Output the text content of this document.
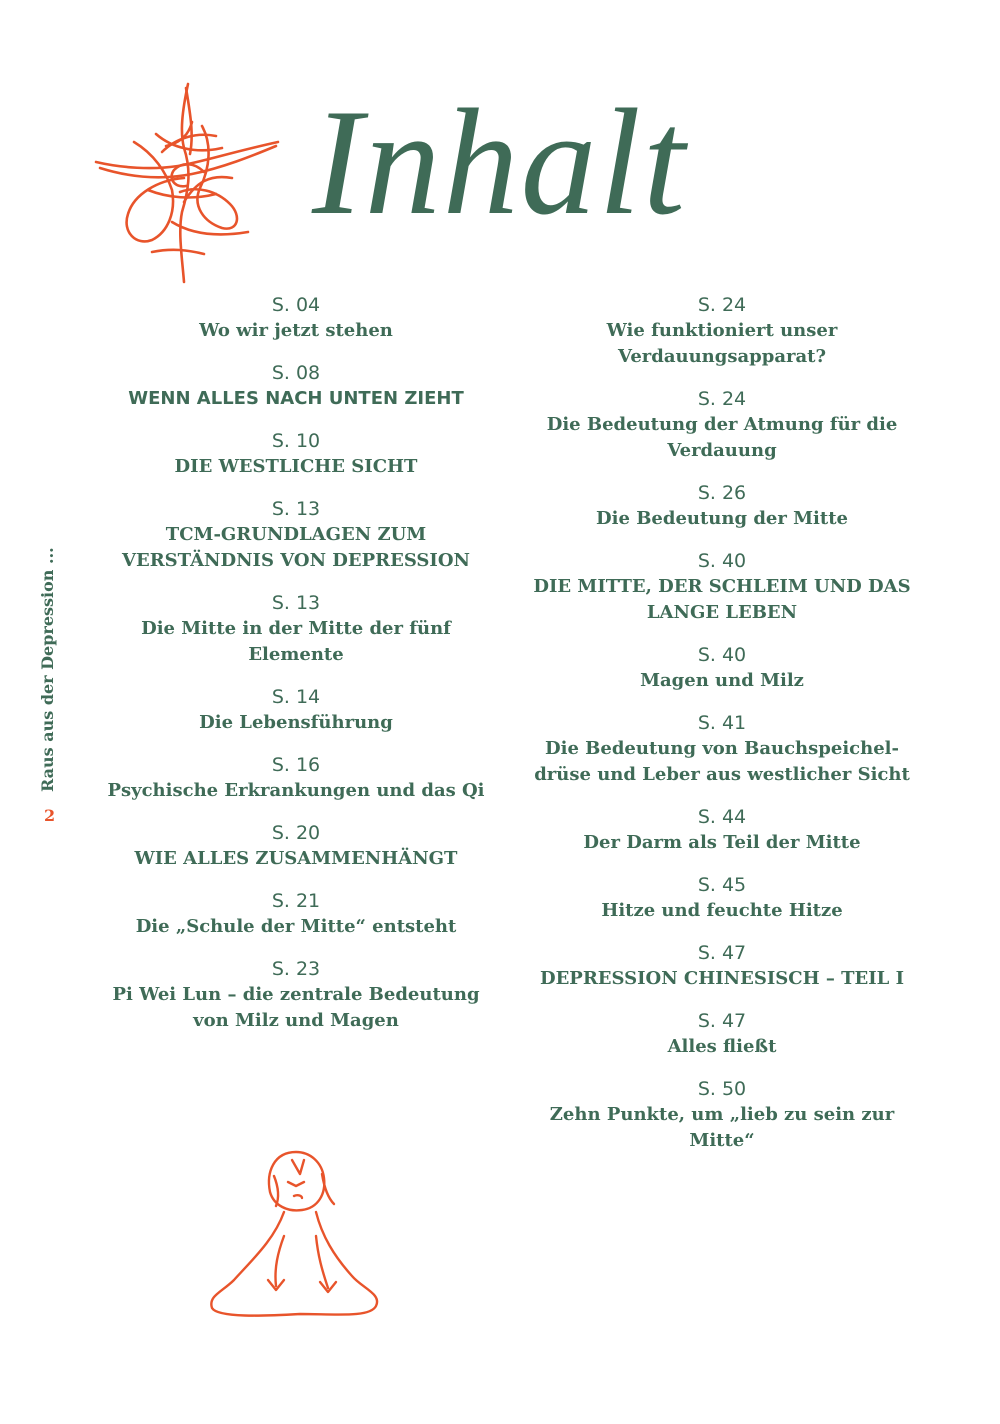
Inhalt
Raus aus der Depression ...
2
S. 04
Wo wir jetzt stehen
S. 08
WENN ALLES NACH UNTEN ZIEHT
S. 10
DIE WESTLICHE SICHT
S. 13
TCM-GRUNDLAGEN ZUM
VERSTÄNDNIS VON DEPRESSION
S. 13
Die Mitte in der Mitte der fünf
Elemente
S. 14
Die Lebensführung
S. 16
Psychische Erkrankungen und das Qi
S. 20
WIE ALLES ZUSAMMENHÄNGT
S. 21
Die „Schule der Mitte“ entsteht
S. 23
Pi Wei Lun – die zentrale Bedeutung
von Milz und Magen
S. 24
Wie funktioniert unser
Verdauungsapparat?
S. 24
Die Bedeutung der Atmung für die
Verdauung
S. 26
Die Bedeutung der Mitte
S. 40
DIE MITTE, DER SCHLEIM UND DAS
LANGE LEBEN
S. 40
Magen und Milz
S. 41
Die Bedeutung von Bauchspeichel-
drüse und Leber aus westlicher Sicht
S. 44
Der Darm als Teil der Mitte
S. 45
Hitze und feuchte Hitze
S. 47
DEPRESSION CHINESISCH – TEIL I
S. 47
Alles fließt
S. 50
Zehn Punkte, um „lieb zu sein zur
Mitte“
